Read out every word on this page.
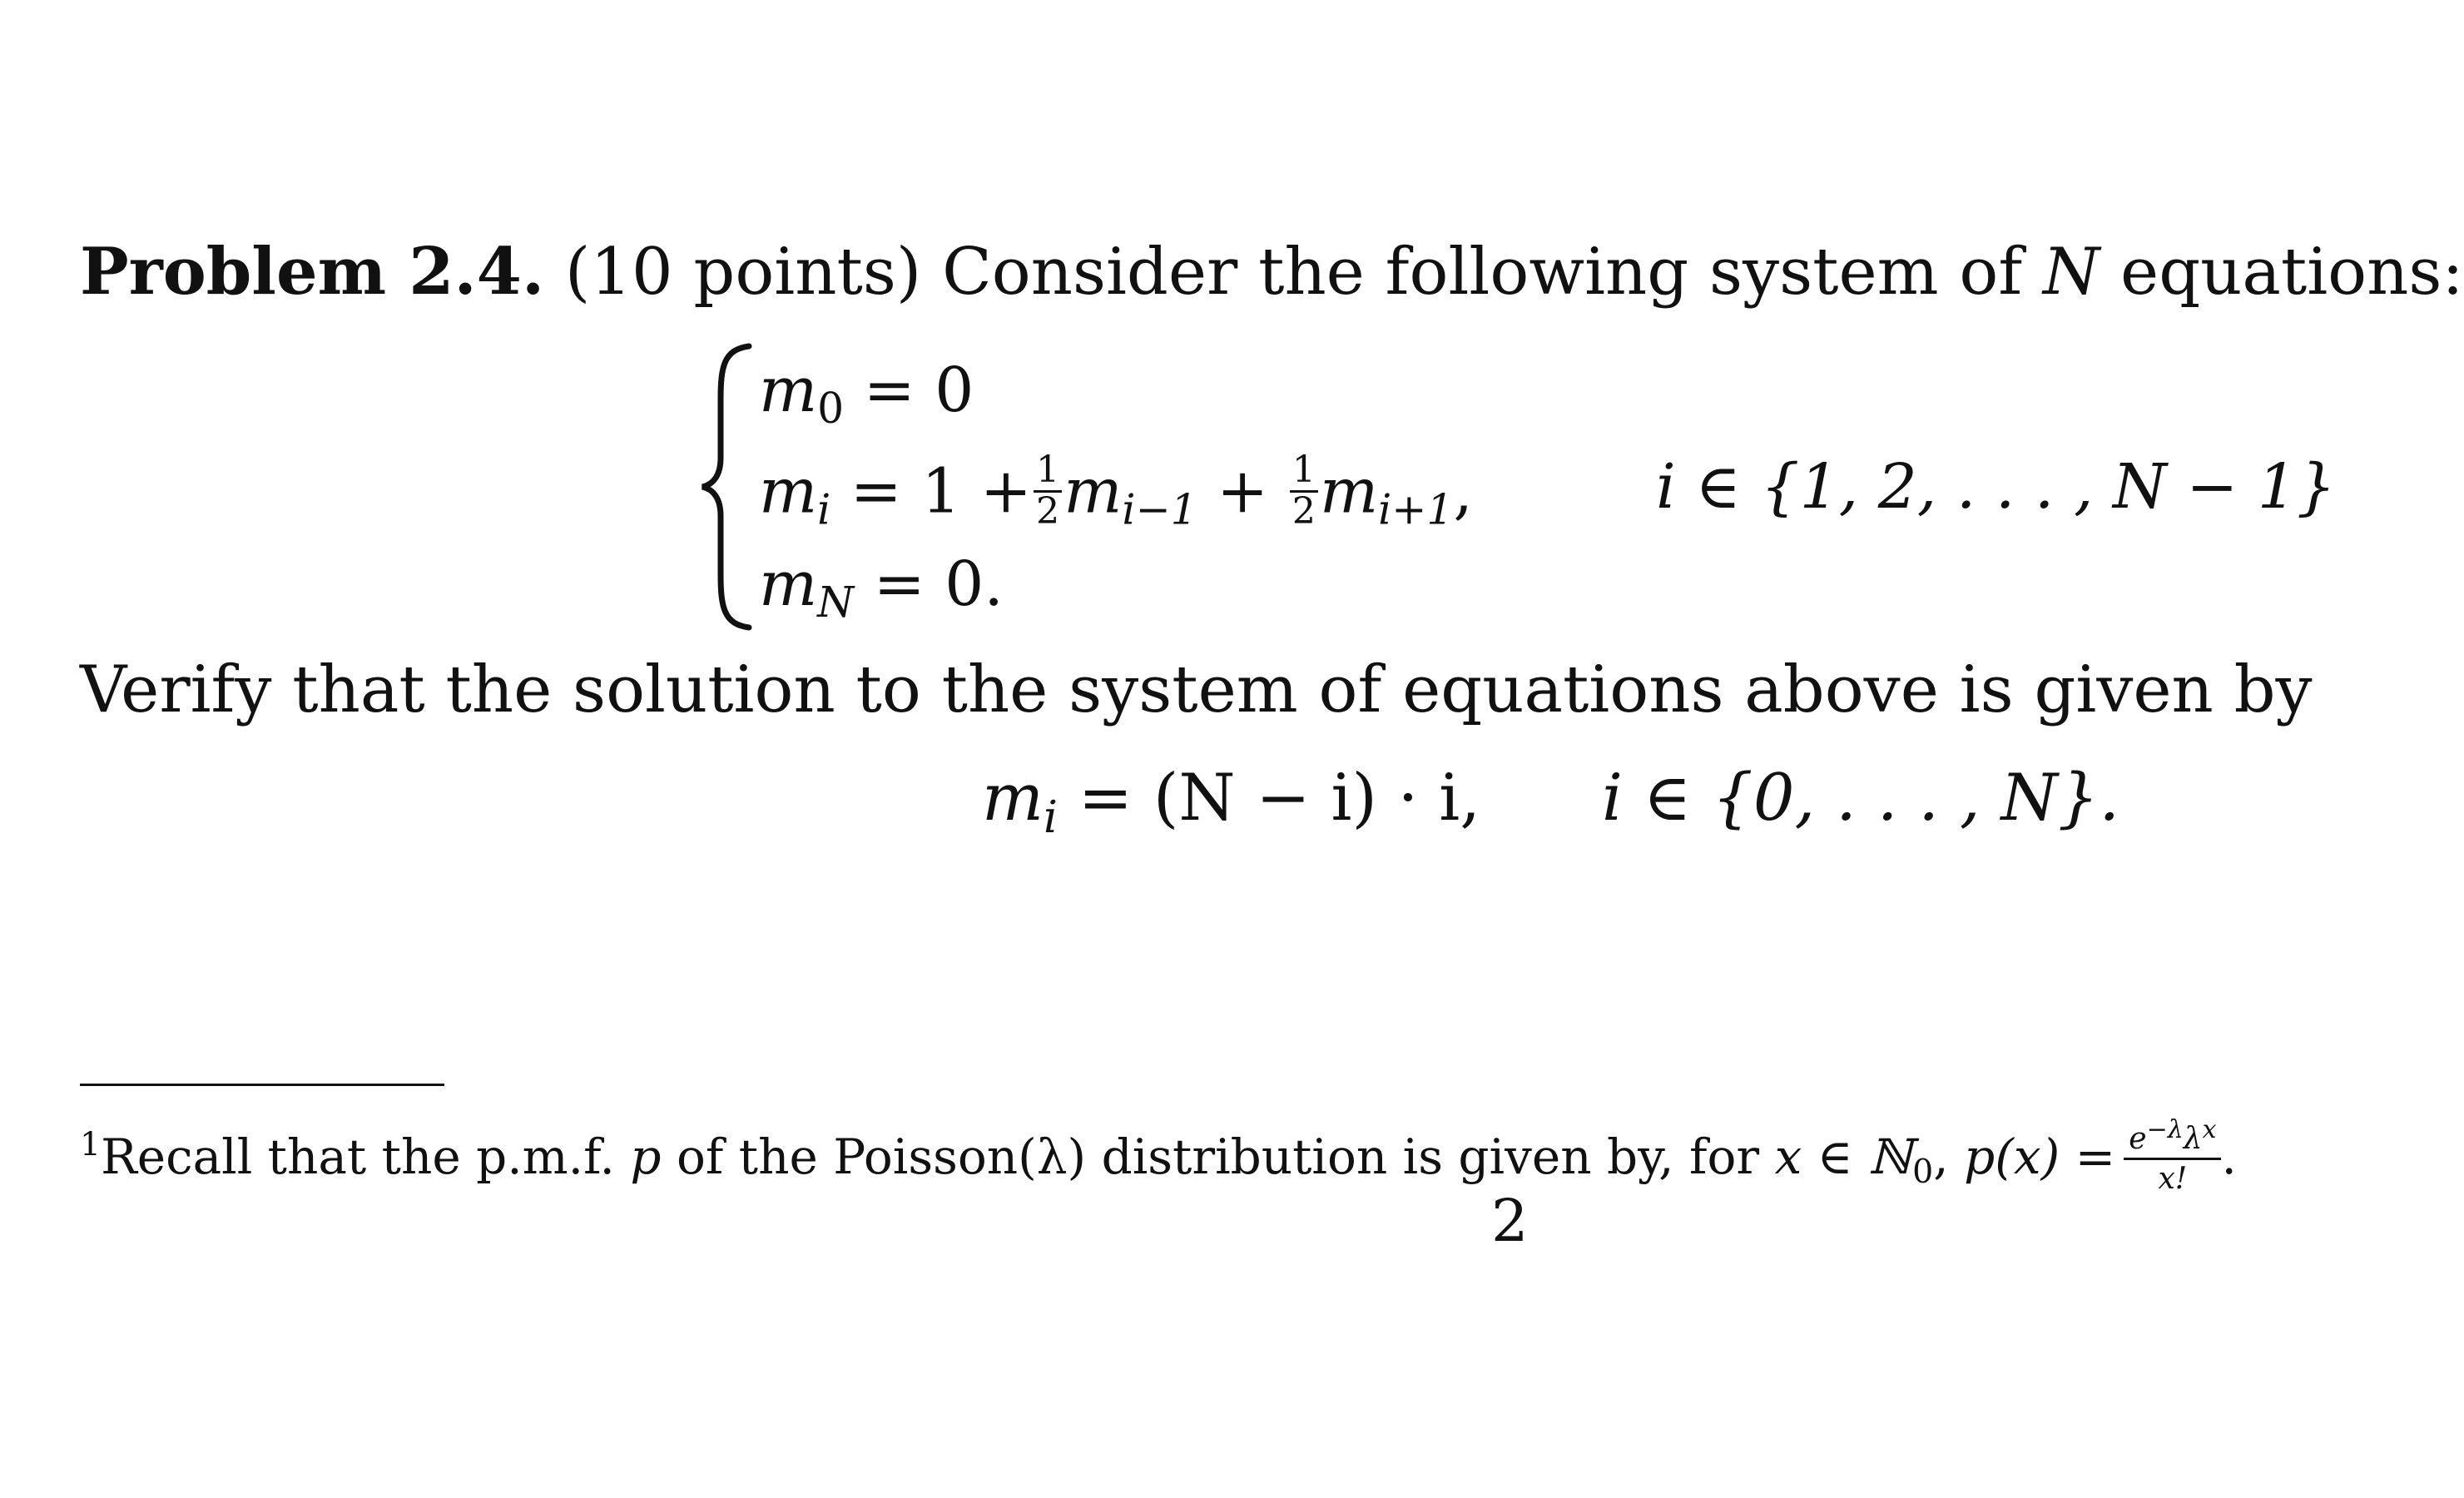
Problem 2.4. (10 points) Consider the following system of N equations:
$m_0 = 0$
$m_i = 1 + \frac{1}{2} m_{i-1} + \frac{1}{2} m_{i+1}$,	i ∈ {1, 2, . . . , N − 1}
$m_N = 0$.
Verify that the solution to the system of equations above is given by
$m_i = (N - i) \cdot i$, i ∈ {0, . . . , N}.
$^1$Recall that the p.m.f. p of the Poisson(λ) distribution is given by, for x ∈ ℕ$_0$, $p(x) = \frac{e^{-\lambda}\lambda^x}{x!}$ .
2
